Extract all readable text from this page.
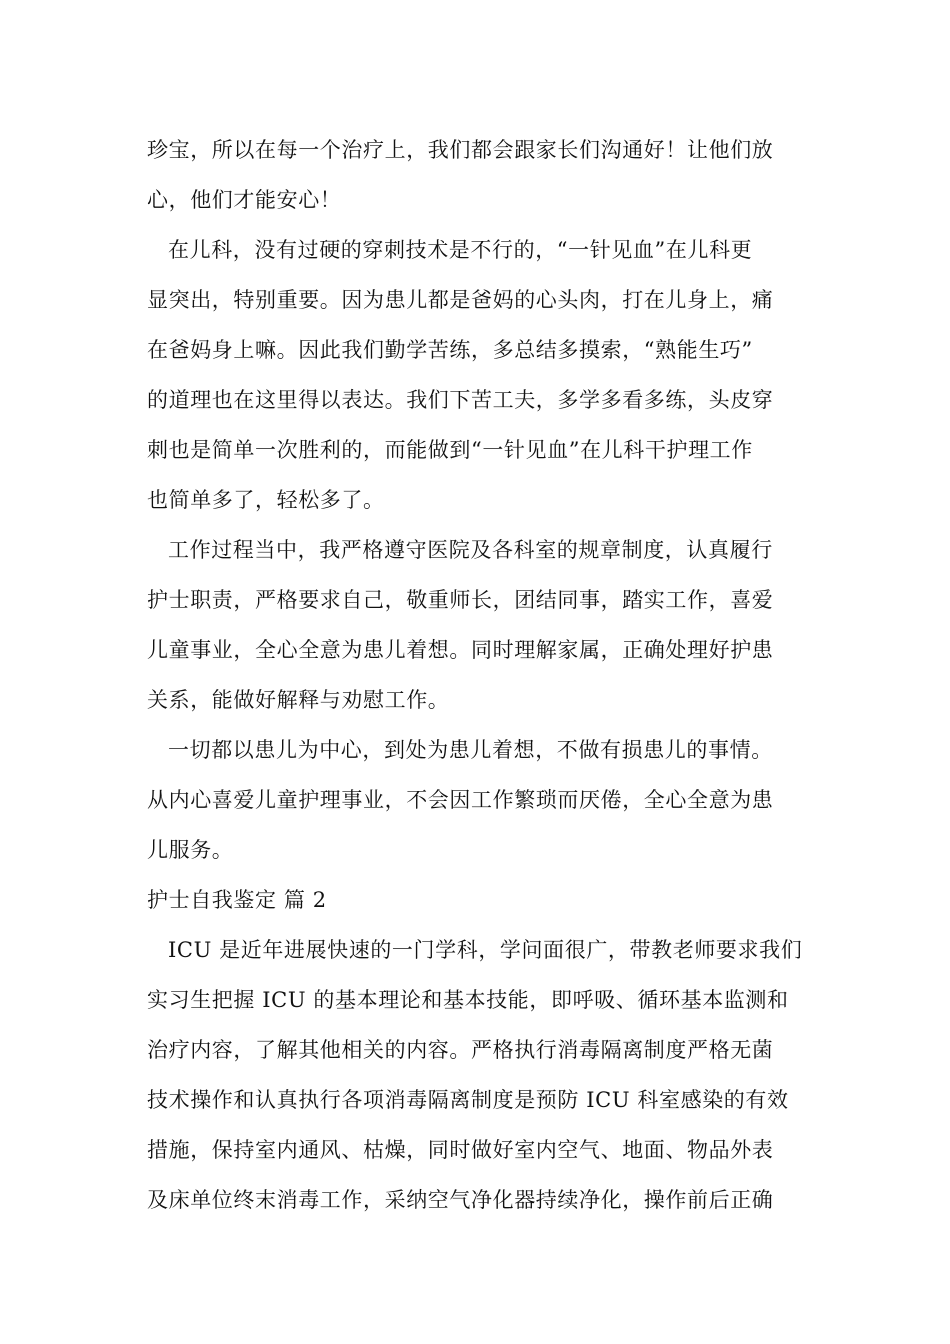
珍宝，所以在每一个治疗上，我们都会跟家长们沟通好！让他们放
心，他们才能安心！
在儿科，没有过硬的穿刺技术是不行的，“一针见血”在儿科更
显突出，特别重要。因为患儿都是爸妈的心头肉，打在儿身上，痛
在爸妈身上嘛。因此我们勤学苦练，多总结多摸索，“熟能生巧”
的道理也在这里得以表达。我们下苦工夫，多学多看多练，头皮穿
刺也是简单一次胜利的，而能做到“一针见血”在儿科干护理工作
也简单多了，轻松多了。
工作过程当中，我严格遵守医院及各科室的规章制度，认真履行
护士职责，严格要求自己，敬重师长，团结同事，踏实工作，喜爱
儿童事业，全心全意为患儿着想。同时理解家属，正确处理好护患
关系，能做好解释与劝慰工作。
一切都以患儿为中心，到处为患儿着想，不做有损患儿的事情。
从内心喜爱儿童护理事业，不会因工作繁琐而厌倦，全心全意为患
儿服务。
护士自我鉴定 篇 2
ICU 是近年进展快速的一门学科，学问面很广，带教老师要求我们
实习生把握 ICU 的基本理论和基本技能，即呼吸、循环基本监测和
治疗内容，了解其他相关的内容。严格执行消毒隔离制度严格无菌
技术操作和认真执行各项消毒隔离制度是预防 ICU 科室感染的有效
措施，保持室内通风、枯燥，同时做好室内空气、地面、物品外表
及床单位终末消毒工作，采纳空气净化器持续净化，操作前后正确
